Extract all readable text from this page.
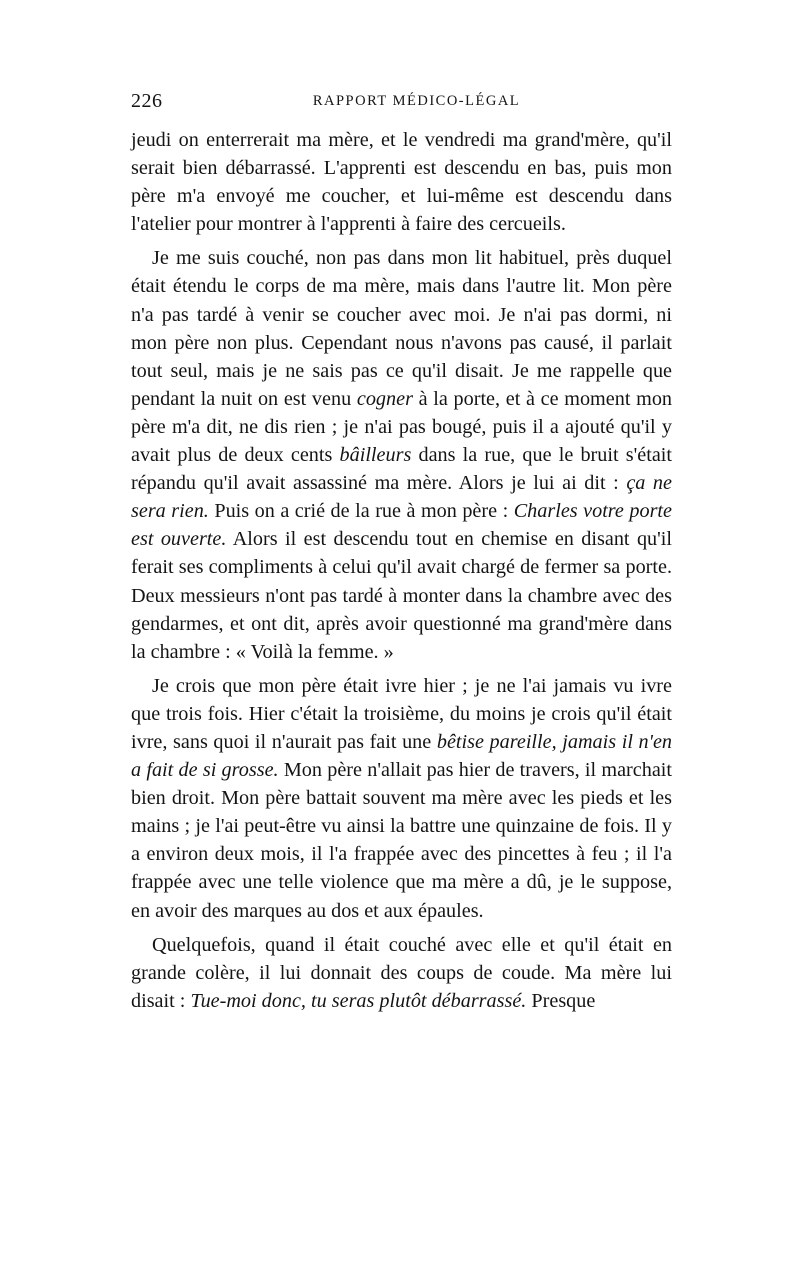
226	RAPPORT MÉDICO-LÉGAL

jeudi on enterrerait ma mère, et le vendredi ma grand'mère, qu'il serait bien débarrassé. L'apprenti est descendu en bas, puis mon père m'a envoyé me coucher, et lui-même est descendu dans l'atelier pour montrer à l'apprenti à faire des cercueils.

Je me suis couché, non pas dans mon lit habituel, près duquel était étendu le corps de ma mère, mais dans l'autre lit. Mon père n'a pas tardé à venir se coucher avec moi. Je n'ai pas dormi, ni mon père non plus. Cependant nous n'avons pas causé, il parlait tout seul, mais je ne sais pas ce qu'il disait. Je me rappelle que pendant la nuit on est venu cogner à la porte, et à ce moment mon père m'a dit, ne dis rien ; je n'ai pas bougé, puis il a ajouté qu'il y avait plus de deux cents bâilleurs dans la rue, que le bruit s'était répandu qu'il avait assassiné ma mère. Alors je lui ai dit : ça ne sera rien. Puis on a crié de la rue à mon père : Charles votre porte est ouverte. Alors il est descendu tout en chemise en disant qu'il ferait ses compliments à celui qu'il avait chargé de fermer sa porte. Deux messieurs n'ont pas tardé à monter dans la chambre avec des gendarmes, et ont dit, après avoir questionné ma grand'mère dans la chambre : « Voilà la femme. »

Je crois que mon père était ivre hier ; je ne l'ai jamais vu ivre que trois fois. Hier c'était la troisième, du moins je crois qu'il était ivre, sans quoi il n'aurait pas fait une bêtise pareille, jamais il n'en a fait de si grosse. Mon père n'allait pas hier de travers, il marchait bien droit. Mon père battait souvent ma mère avec les pieds et les mains ; je l'ai peut-être vu ainsi la battre une quinzaine de fois. Il y a environ deux mois, il l'a frappée avec des pincettes à feu ; il l'a frappée avec une telle violence que ma mère a dû, je le suppose, en avoir des marques au dos et aux épaules.

Quelquefois, quand il était couché avec elle et qu'il était en grande colère, il lui donnait des coups de coude. Ma mère lui disait : Tue-moi donc, tu seras plutôt débarrassé. Presque
